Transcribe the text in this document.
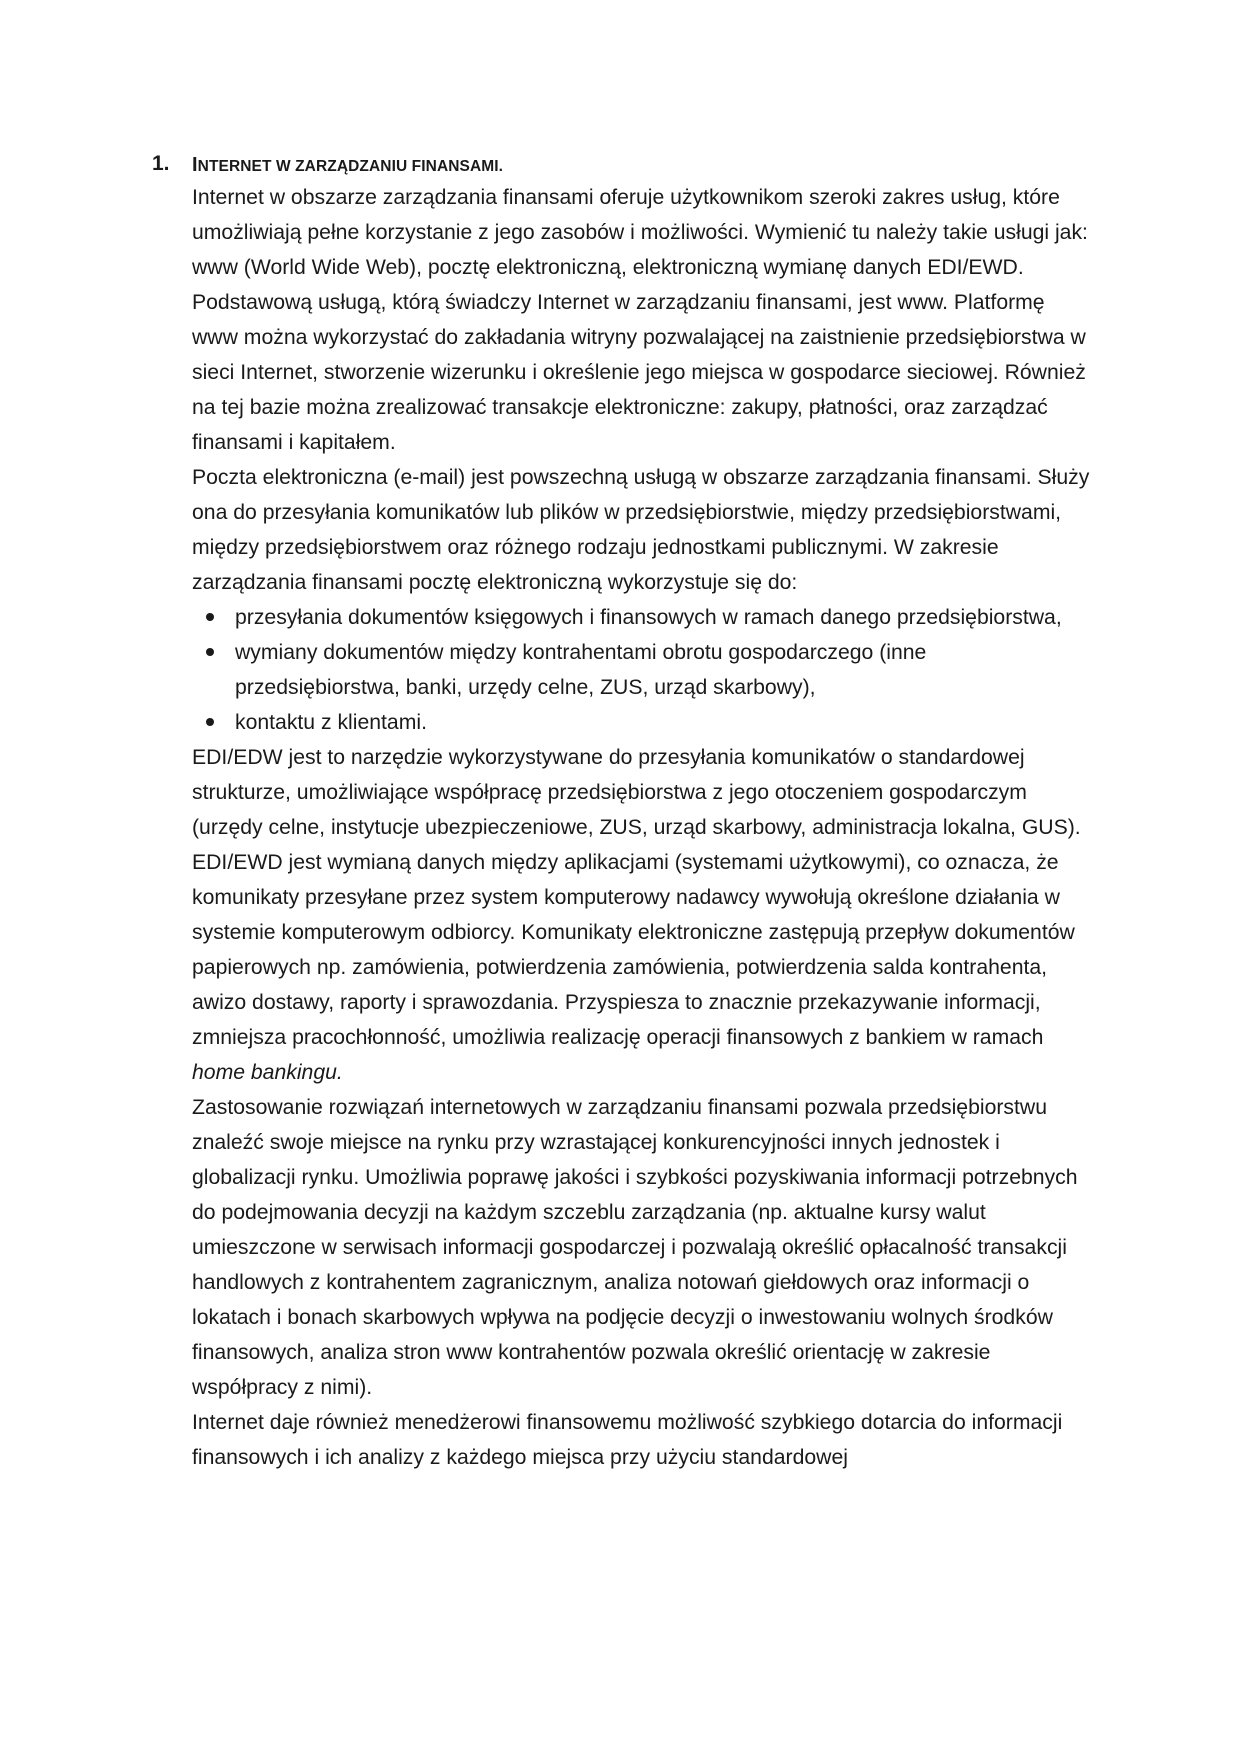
1. INTERNET W ZARZĄDZANIU FINANSAMI.

Internet w obszarze zarządzania finansami oferuje użytkownikom szeroki zakres usług, które umożliwiają pełne korzystanie z jego zasobów i możliwości. Wymienić tu należy takie usługi jak: www (World Wide Web), pocztę elektroniczną, elektroniczną wymianę danych EDI/EWD.

Podstawową usługą, którą świadczy Internet w zarządzaniu finansami, jest www. Platformę www można wykorzystać do zakładania witryny pozwalającej na zaistnienie przedsiębiorstwa w sieci Internet, stworzenie wizerunku i określenie jego miejsca w gospodarce sieciowej. Również na tej bazie można zrealizować transakcje elektroniczne: zakupy, płatności, oraz zarządzać finansami i kapitałem.

Poczta elektroniczna (e-mail) jest powszechną usługą w obszarze zarządzania finansami. Służy ona do przesyłania komunikatów lub plików w przedsiębiorstwie, między przedsiębiorstwami, między przedsiębiorstwem oraz różnego rodzaju jednostkami publicznymi. W zakresie zarządzania finansami pocztę elektroniczną wykorzystuje się do:

przesyłania dokumentów księgowych i finansowych w ramach danego przedsiębiorstwa,
wymiany dokumentów między kontrahentami obrotu gospodarczego (inne przedsiębiorstwa, banki, urzędy celne, ZUS, urząd skarbowy),
kontaktu z klientami.

EDI/EDW jest to narzędzie wykorzystywane do przesyłania komunikatów o standardowej strukturze, umożliwiające współpracę przedsiębiorstwa z jego otoczeniem gospodarczym (urzędy celne, instytucje ubezpieczeniowe, ZUS, urząd skarbowy, administracja lokalna, GUS). EDI/EWD jest wymianą danych między aplikacjami (systemami użytkowymi), co oznacza, że komunikaty przesyłane przez system komputerowy nadawcy wywołują określone działania w systemie komputerowym odbiorcy. Komunikaty elektroniczne zastępują przepływ dokumentów papierowych np. zamówienia, potwierdzenia zamówienia, potwierdzenia salda kontrahenta, awizo dostawy, raporty i sprawozdania. Przyspiesza to znacznie przekazywanie informacji, zmniejsza pracochłonność, umożliwia realizację operacji finansowych z bankiem w ramach home bankingu.

Zastosowanie rozwiązań internetowych w zarządzaniu finansami pozwala przedsiębiorstwu znaleźć swoje miejsce na rynku przy wzrastającej konkurencyjności innych jednostek i globalizacji rynku. Umożliwia poprawę jakości i szybkości pozyskiwania informacji potrzebnych do podejmowania decyzji na każdym szczeblu zarządzania (np. aktualne kursy walut umieszczone w serwisach informacji gospodarczej i pozwalają określić opłacalność transakcji handlowych z kontrahentem zagranicznym, analiza notowań giełdowych oraz informacji o lokatach i bonach skarbowych wpływa na podjęcie decyzji o inwestowaniu wolnych środków finansowych, analiza stron www kontrahentów pozwala określić orientację w zakresie współpracy z nimi).

Internet daje również menedżerowi finansowemu możliwość szybkiego dotarcia do informacji finansowych i ich analizy z każdego miejsca przy użyciu standardowej
